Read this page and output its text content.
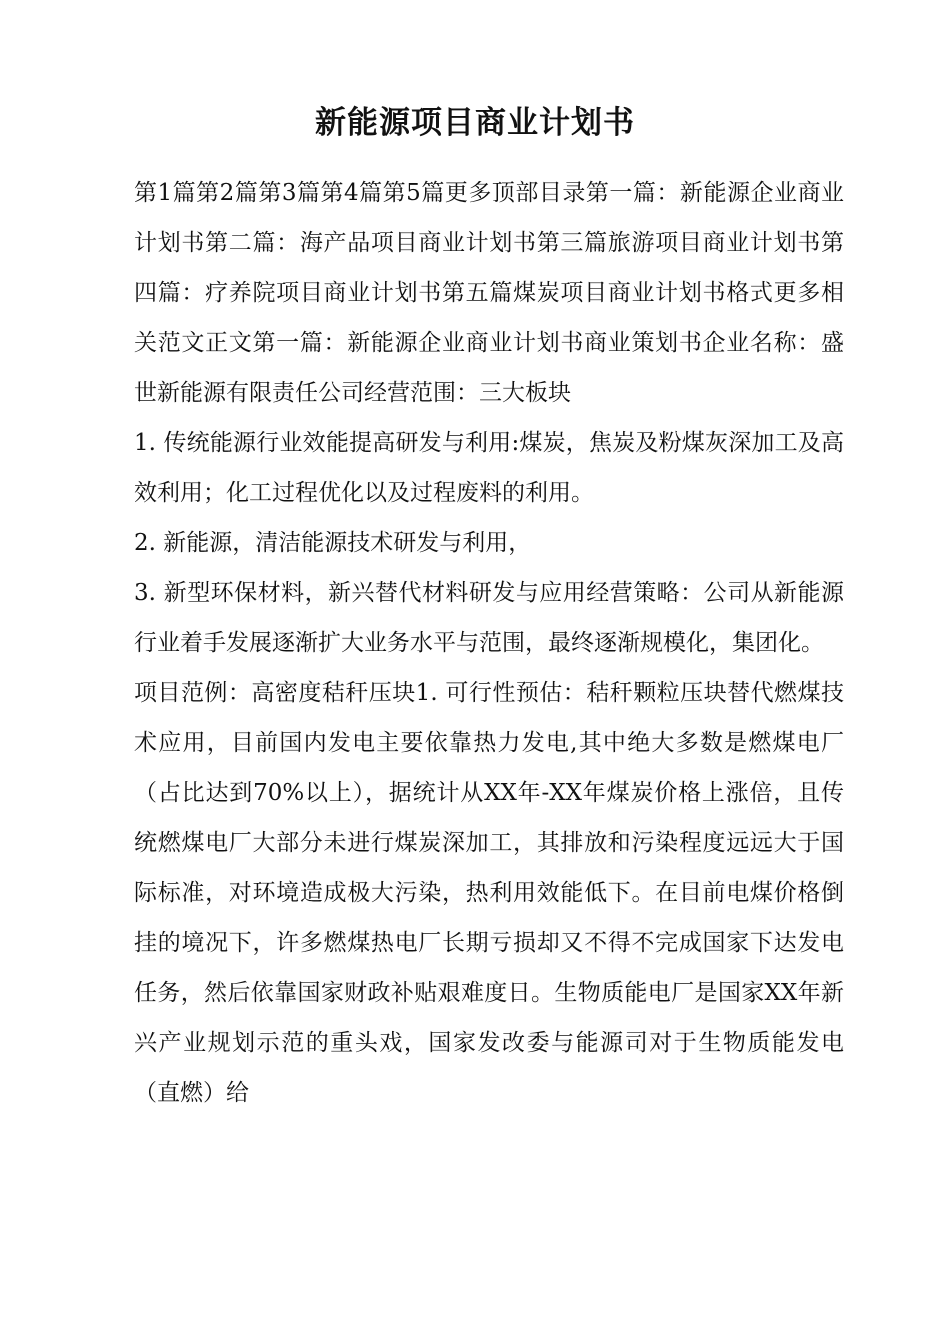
新能源项目商业计划书

第1篇第2篇第3篇第4篇第5篇更多顶部目录第一篇：新能源企业商业计划书第二篇：海产品项目商业计划书第三篇旅游项目商业计划书第四篇：疗养院项目商业计划书第五篇煤炭项目商业计划书格式更多相关范文正文第一篇：新能源企业商业计划书商业策划书企业名称：盛世新能源有限责任公司经营范围：三大板块

1. 传统能源行业效能提高研发与利用:煤炭，焦炭及粉煤灰深加工及高效利用；化工过程优化以及过程废料的利用。

2. 新能源，清洁能源技术研发与利用，

3. 新型环保材料，新兴替代材料研发与应用经营策略：公司从新能源行业着手发展逐渐扩大业务水平与范围，最终逐渐规模化，集团化。

项目范例：高密度秸秆压块1. 可行性预估：秸秆颗粒压块替代燃煤技术应用，目前国内发电主要依靠热力发电,其中绝大多数是燃煤电厂（占比达到70%以上），据统计从XX年-XX年煤炭价格上涨倍，且传统燃煤电厂大部分未进行煤炭深加工，其排放和污染程度远远大于国际标准，对环境造成极大污染，热利用效能低下。在目前电煤价格倒挂的境况下，许多燃煤热电厂长期亏损却又不得不完成国家下达发电任务，然后依靠国家财政补贴艰难度日。生物质能电厂是国家XX年新兴产业规划示范的重头戏，国家发改委与能源司对于生物质能发电（直燃）给
